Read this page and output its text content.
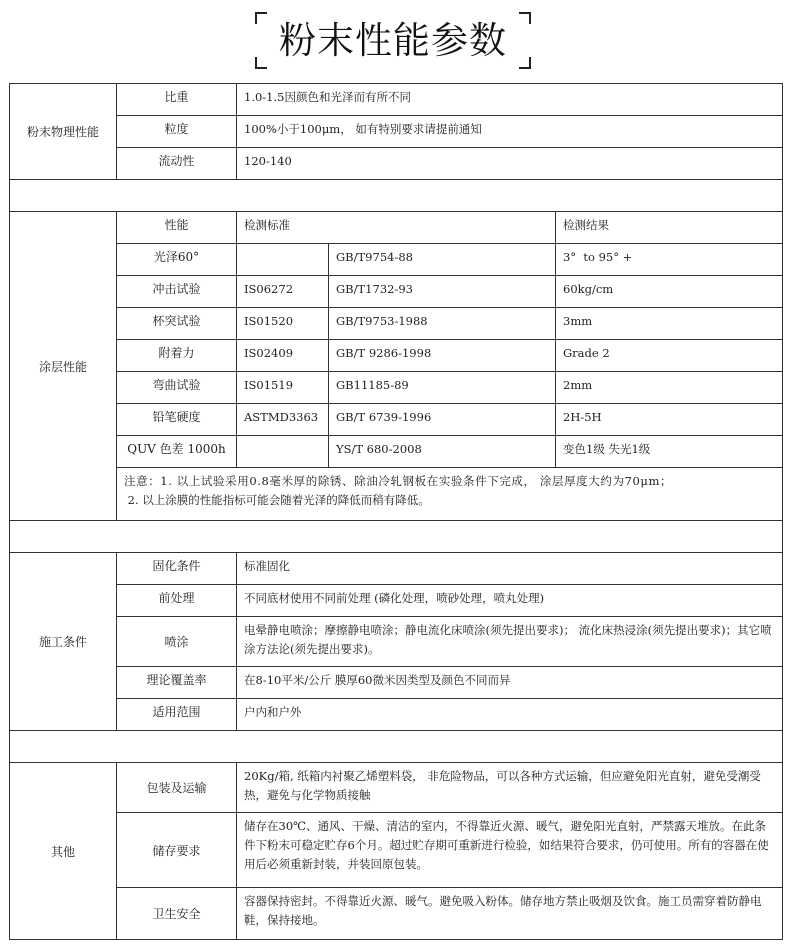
粉末性能参数
粉末物理性能	比重	1.0-1.5因颜色和光泽而有所不同		
	粒度	100%小于100μm， 如有特别要求请提前通知		
	流动性	120-140		

涂层性能	性能	检测标准		检测结果
	光泽60°		GB/T9754-88	3°  to 95° +
	冲击试验	IS06272	GB/T1732-93	60kg/cm
	杯突试验	IS01520	GB/T9753-1988	3mm
	附着力	IS02409	GB/T 9286-1998	Grade 2
	弯曲试验	IS01519	GB11185-89	2mm
	铅笔硬度	ASTMD3363	GB/T 6739-1996	2H-5H
	QUV 色差 1000h		YS/T 680-2008	变色1级 失光1级

	注意：1. 以上试验采用0.8毫米厚的除锈、除油冷轧钢板在实验条件下完成， 涂层厚度大约为70μm；
2. 以上涂膜的性能指标可能会随着光泽的降低而稍有降低。			

施工条件	固化条件	标准固化		
	前处理	不同底材使用不同前处理 (磷化处理，喷砂处理，喷丸处理)		
	喷涂	电晕静电喷涂；摩擦静电喷涂；静电流化床喷涂(须先提出要求)； 流化床热浸涂(须先提出要求)；其它喷涂方法论(须先提出要求)。		
	理论覆盖率	在8-10平米/公斤 膜厚60微米因类型及颜色不同而异		
	适用范围	户内和户外		

其他	包装及运输	20Kg/箱, 纸箱内衬聚乙烯塑料袋， 非危险物品，可以各种方式运输，但应避免阳光直射，避免受潮受热，避免与化学物质接触		
	储存要求	储存在30℃、通风、干燥、清洁的室内，不得靠近火源、暖气，避免阳光直射，严禁露天堆放。在此条件下粉末可稳定贮存6个月。超过贮存期可重新进行检验，如结果符合要求，仍可使用。所有的容器在使用后必须重新封装，并装回原包装。		
	卫生安全	容器保持密封。不得靠近火源、暖气。避免吸入粉体。储存地方禁止吸烟及饮食。施工员需穿着防静电鞋，保持接地。		
